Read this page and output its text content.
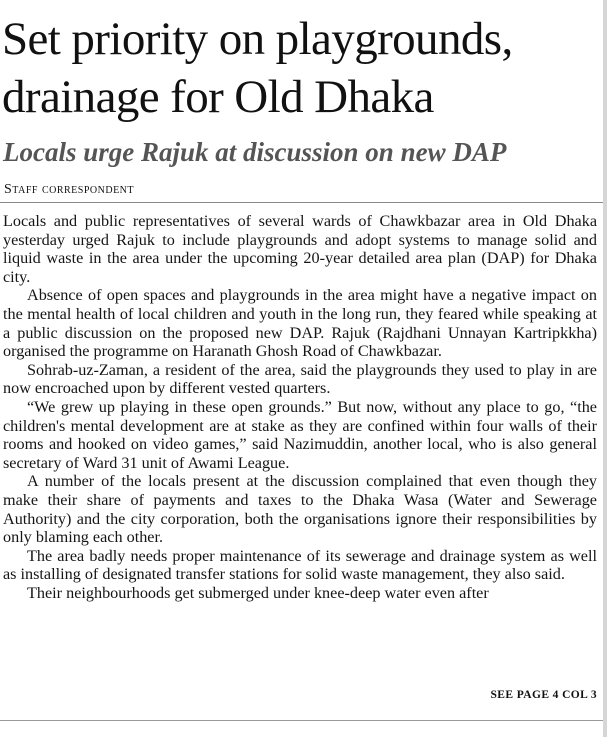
Set priority on playgrounds, drainage for Old Dhaka
Locals urge Rajuk at discussion on new DAP
Staff correspondent

Locals and public representatives of several wards of Chawkbazar area in Old Dhaka yesterday urged Rajuk to include playgrounds and adopt systems to manage solid and liquid waste in the area under the upcoming 20-year detailed area plan (DAP) for Dhaka city.

Absence of open spaces and playgrounds in the area might have a negative impact on the mental health of local children and youth in the long run, they feared while speaking at a public discussion on the proposed new DAP. Rajuk (Rajdhani Unnayan Kartripkkha) organised the programme on Haranath Ghosh Road of Chawkbazar.

Sohrab-uz-Zaman, a resident of the area, said the playgrounds they used to play in are now encroached upon by different vested quarters.

“We grew up playing in these open grounds.” But now, without any place to go, “the children's mental development are at stake as they are confined within four walls of their rooms and hooked on video games,” said Nazimuddin, another local, who is also general secretary of Ward 31 unit of Awami League.

A number of the locals present at the discussion complained that even though they make their share of payments and taxes to the Dhaka Wasa (Water and Sewerage Authority) and the city corporation, both the organisations ignore their responsibilities by only blaming each other.

The area badly needs proper maintenance of its sewerage and drainage system as well as installing of designated transfer stations for solid waste management, they also said.

Their neighbourhoods get submerged under knee-deep water even after

SEE PAGE 4 COL 3
